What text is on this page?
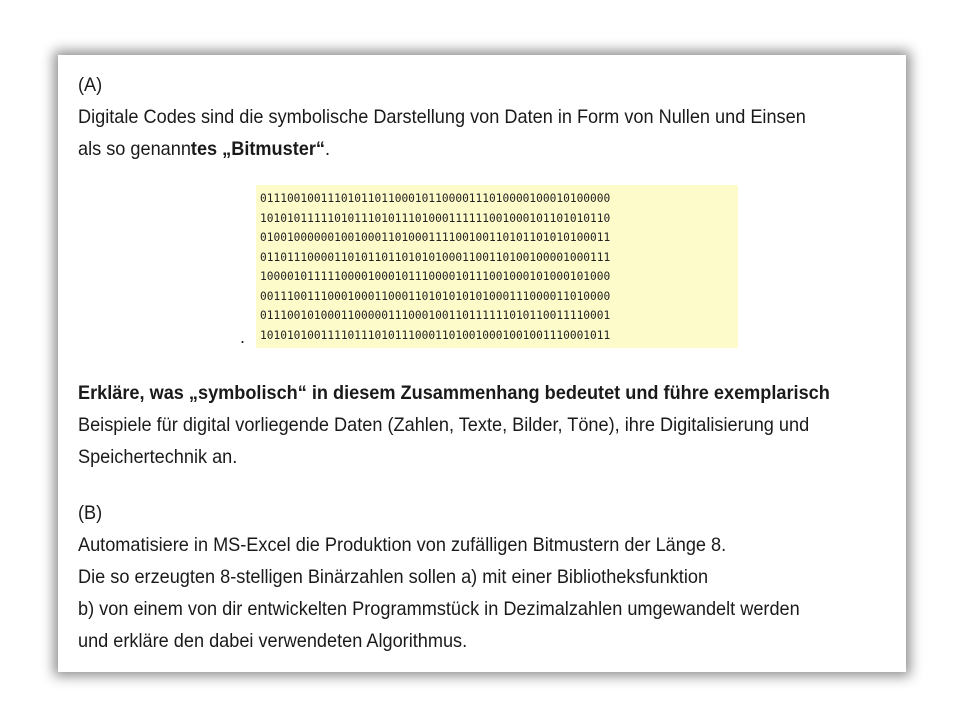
(A)
Digitale Codes sind die symbolische Darstellung von Daten in Form von Nullen und Einsen
als so genanntes „Bitmuster“.
0111001001110101101100010110000111010000100010100000
1010101111101011101011101000111111001000101101010110
0100100000010010001101000111100100110101101010100011
0110111000011010110110101010001100110100100001000111
1000010111110000100010111000010111001000101000101000
0011100111000100011000110101010101000111000011010000
0111001010001100000111000100110111111010110011110001
1010101001111011101011100011010010001001001110001011
.
Erkläre, was „symbolisch“ in diesem Zusammenhang bedeutet und führe exemplarisch
Beispiele für digital vorliegende Daten (Zahlen, Texte, Bilder, Töne), ihre Digitalisierung und
Speichertechnik an.
(B)
Automatisiere in MS-Excel die Produktion von zufälligen Bitmustern der Länge 8.
Die so erzeugten 8-stelligen Binärzahlen sollen a) mit einer Bibliotheksfunktion
b) von einem von dir entwickelten Programmstück in Dezimalzahlen umgewandelt werden
und erkläre den dabei verwendeten Algorithmus.
